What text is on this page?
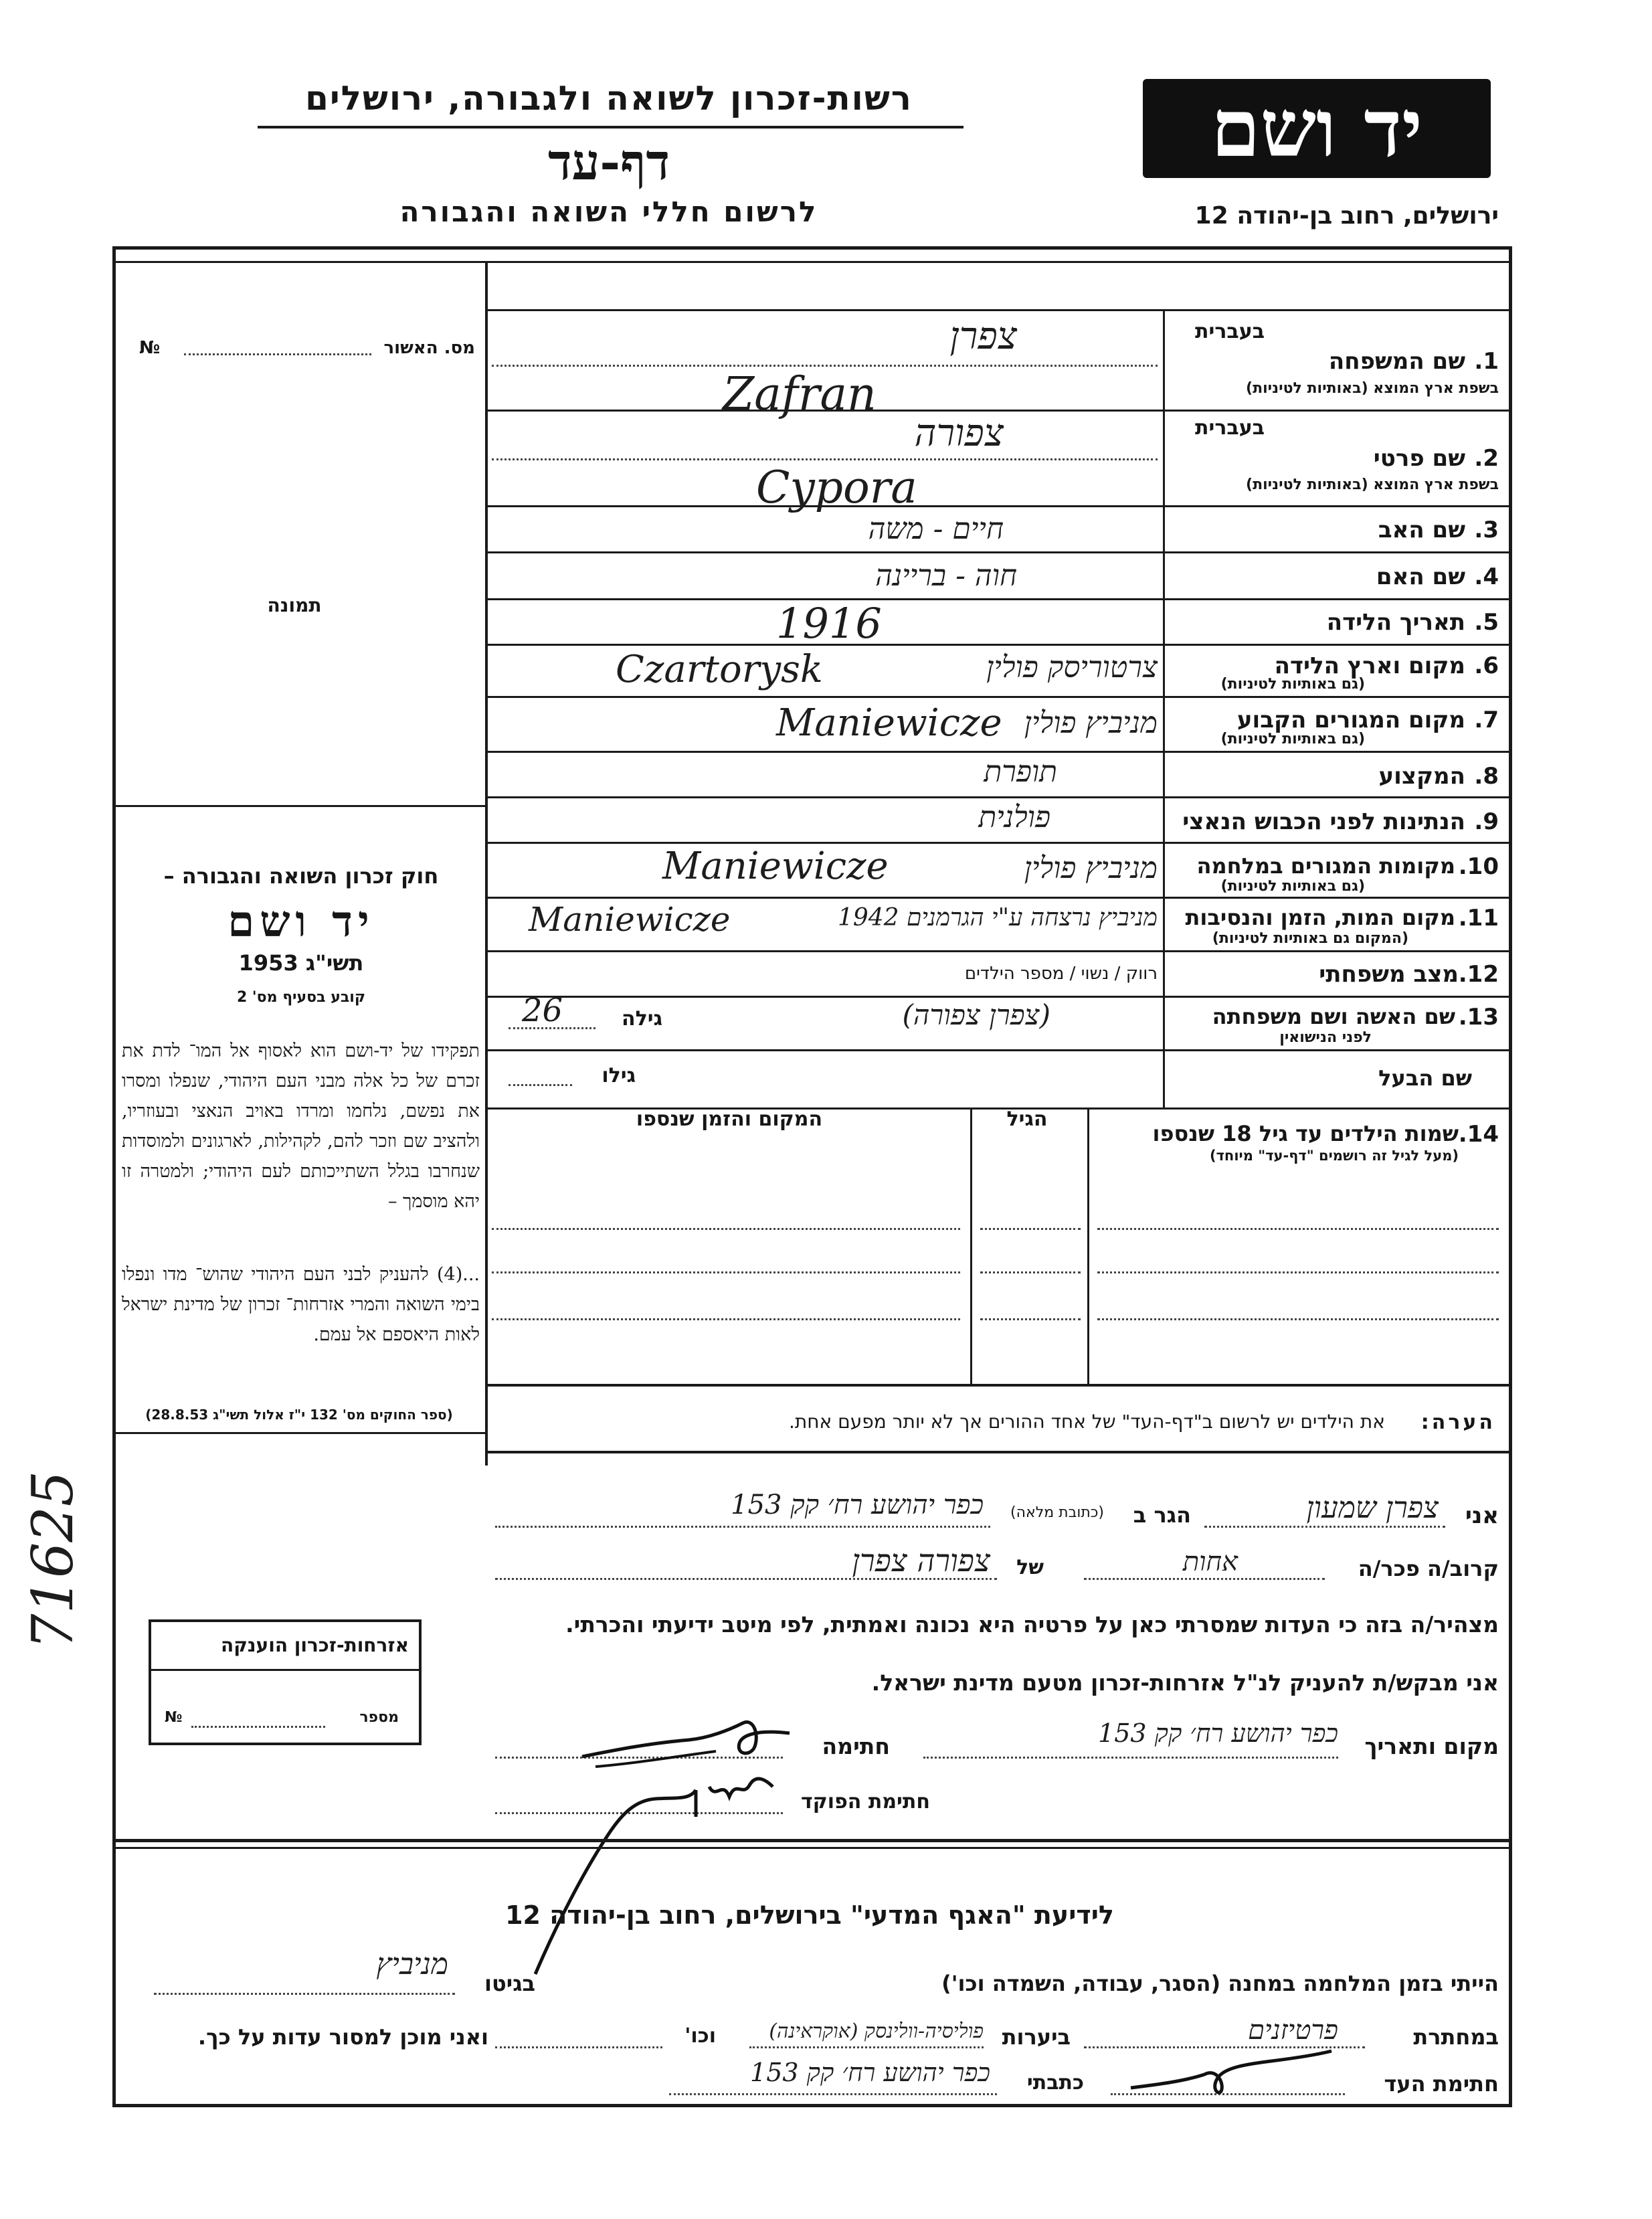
יד ושם
רשות-זכרון לשואה ולגבורה, ירושלים
דף-עד
לרשום חללי השואה והגבורה	ירושלים, רחוב בן-יהודה 12
מס. האשור
№
תמונה
חוק זכרון השואה והגבורה –
יד ושם
תשי"ג 1953
קובע בסעיף מס' 2
תפקידו של יד-ושם הוא לאסוף אל המו־ לדת את זכרם של כל אלה מבני העם היהודי, שנפלו ומסרו את נפשם, נלחמו ומרדו באויב הנאצי ובעוזריו, ולהציב שם וזכר להם, לקהילות, לארגונים ולמוסדות שנחרבו בגלל השתייכותם לעם היהודי; ולמטרה זו יהא מוסמך –
...(4) להעניק לבני העם היהודי שהוש־ מדו ונפלו בימי השואה והמרי אזרחות־ זכרון של מדינת ישראל לאות היאספם אל עמם.
(ספר החוקים מס' 132 י"ז אלול תשי"ג 28.8.53)
אזרחות-זכרון הוענקה
מספר
№
71625
בעברית
1.
שם המשפחה
בשפת ארץ המוצא (באותיות לטיניות)
צפרן
Zafran
בעברית
2.
שם פרטי
בשפת ארץ המוצא (באותיות לטיניות)
צפורה
Cypora
3.
שם האב
חיים - משה
4.
שם האם
חוה - בריינה
5.
תאריך הלידה
1916
6.
מקום וארץ הלידה
(גם באותיות לטיניות)
Czartorysk	צרטוריסק פולין
7.
מקום המגורים הקבוע
(גם באותיות לטיניות)
Maniewicze מניביץ פולין
8.
המקצוע
תופרת
9.
הנתינות לפני הכבוש הנאצי
פולנית
10.
מקומות המגורים במלחמה
(גם באותיות לטיניות)
Maniewicze	מניביץ פולין
11.
מקום המות, הזמן והנסיבות
(המקום גם באותיות לטיניות)
Maniewicze	מניביץ נרצחה ע"י הגרמנים 1942
12.
מצב משפחתי
רווק / נשוי / מספר הילדים
13.
שם האשה ושם משפחתה
לפני הנישואין
גילה
26	(צפרן צפורה)
שם הבעל
גילו
14.
שמות הילדים עד גיל 18 שנספו
(מעל לגיל זה רושמים "דף-עד" מיוחד)
הגיל
המקום והזמן שנספו
הערה:
את הילדים יש לרשום ב"דף-העד" של אחד ההורים אך לא יותר מפעם אחת.
אני
צפרן שמעון
הגר ב
(כתובת מלאה)
כפר יהושע רח׳ קק 153
קרוב/ה פכר/ה
אחות
של
צפורה צפרן
מצהיר/ה בזה כי העדות שמסרתי כאן על פרטיה היא נכונה ואמתית, לפי מיטב ידיעתי והכרתי.
אני מבקש/ת להעניק לנ"ל אזרחות-זכרון מטעם מדינת ישראל.
מקום ותאריך
כפר יהושע רח׳ קק 153
חתימה
חתימת הפוקד
לידיעת "האגף המדעי" בירושלים, רחוב בן-יהודה 12
הייתי בזמן המלחמה במחנה (הסגר, עבודה, השמדה וכו')
בגיטו
מניביץ
במחתרת
פרטיזנים
ביערות
פוליסיה-וולינסק (אוקראינה)
וכו'
ואני מוכן למסור עדות על כך.
חתימת העד
כתבתי
כפר יהושע רח׳ קק 153
